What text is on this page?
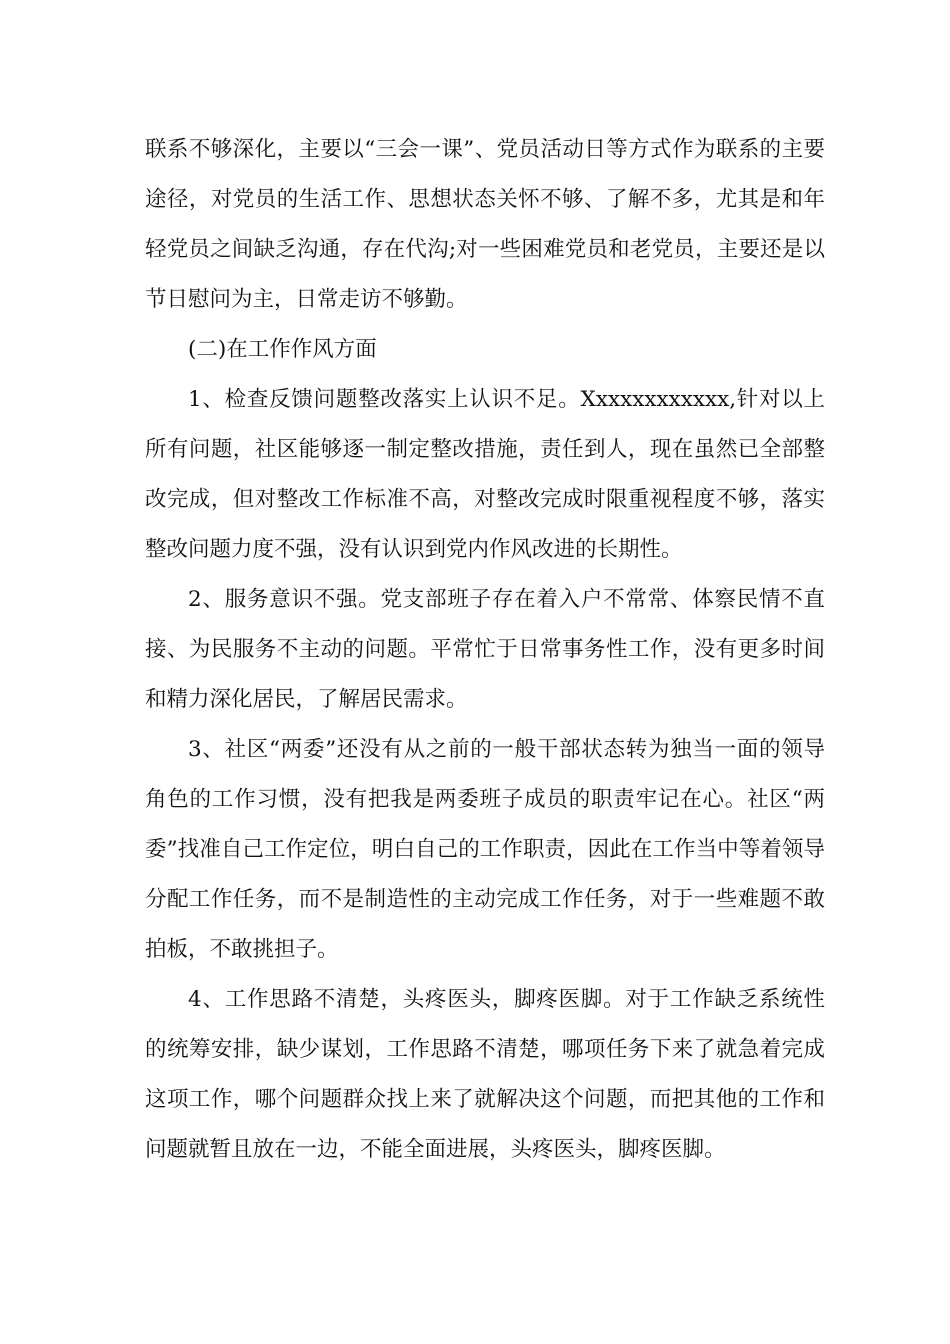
联系不够深化，主要以“三会一课”、党员活动日等方式作为联系的主要途径，对党员的生活工作、思想状态关怀不够、了解不多，尤其是和年轻党员之间缺乏沟通，存在代沟;对一些困难党员和老党员，主要还是以节日慰问为主，日常走访不够勤。

(二)在工作作风方面

1、检查反馈问题整改落实上认识不足。Xxxxxxxxxxxx,针对以上所有问题，社区能够逐一制定整改措施，责任到人，现在虽然已全部整改完成，但对整改工作标准不高，对整改完成时限重视程度不够，落实整改问题力度不强，没有认识到党内作风改进的长期性。

2、服务意识不强。党支部班子存在着入户不常常、体察民情不直接、为民服务不主动的问题。平常忙于日常事务性工作，没有更多时间和精力深化居民，了解居民需求。

3、社区“两委”还没有从之前的一般干部状态转为独当一面的领导角色的工作习惯，没有把我是两委班子成员的职责牢记在心。社区“两委”找准自己工作定位，明白自己的工作职责，因此在工作当中等着领导分配工作任务，而不是制造性的主动完成工作任务，对于一些难题不敢拍板，不敢挑担子。

4、工作思路不清楚，头疼医头，脚疼医脚。对于工作缺乏系统性的统筹安排，缺少谋划，工作思路不清楚，哪项任务下来了就急着完成这项工作，哪个问题群众找上来了就解决这个问题，而把其他的工作和问题就暂且放在一边，不能全面进展，头疼医头，脚疼医脚。
